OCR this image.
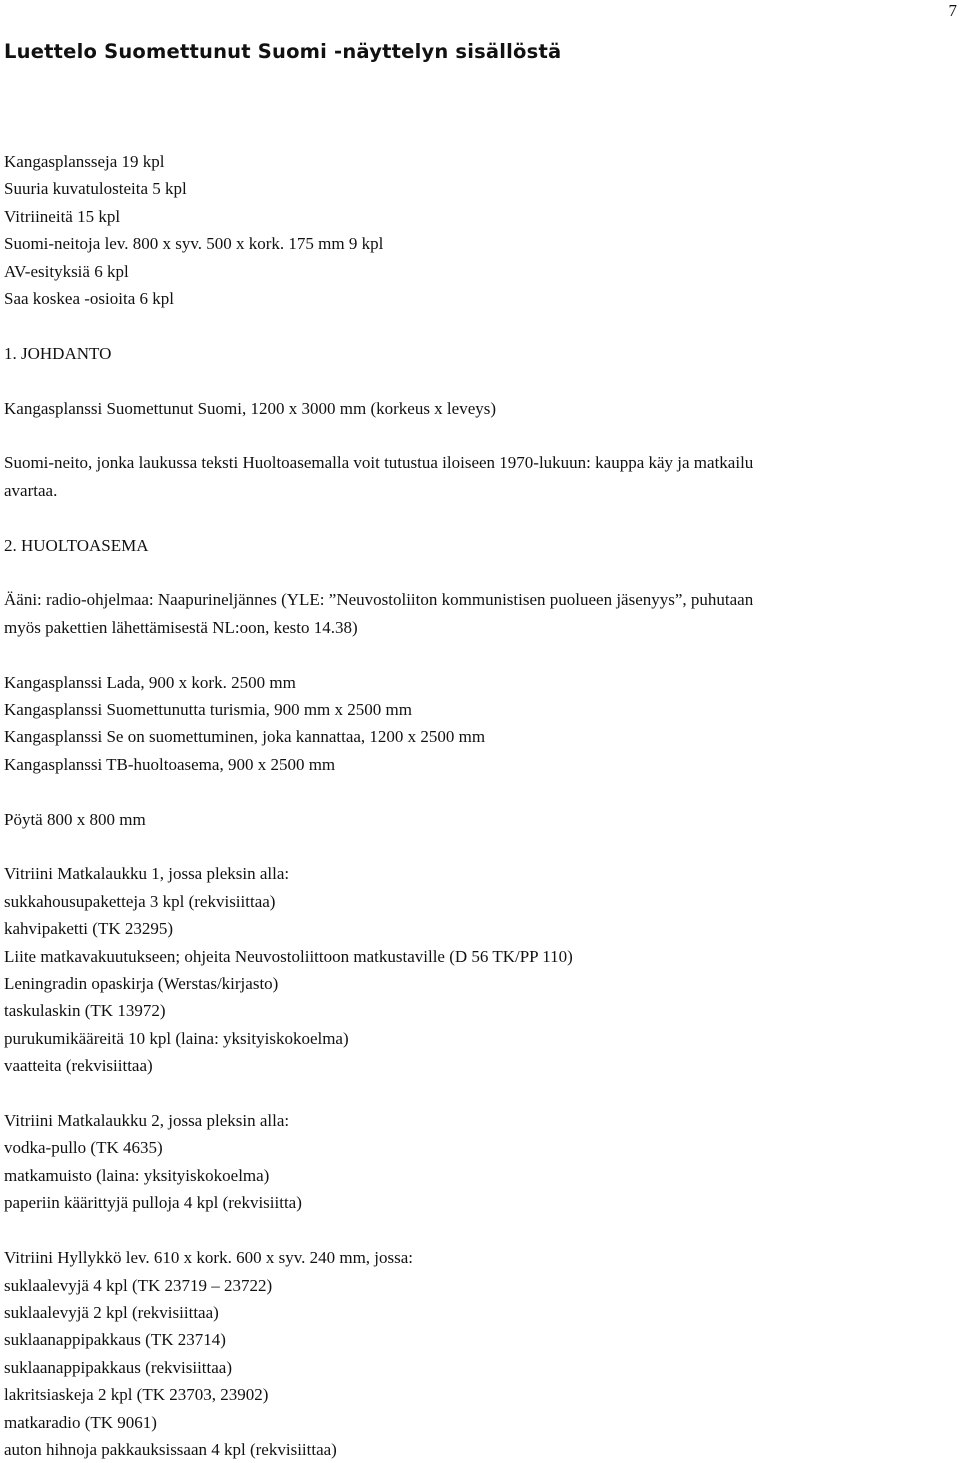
7
Luettelo Suomettunut Suomi -näyttelyn sisällöstä

Kangasplansseja 19 kpl

Suuria kuvatulosteita 5 kpl

Vitriineitä 15 kpl

Suomi-neitoja lev. 800 x syv. 500 x kork. 175 mm 9 kpl

AV-esityksiä 6 kpl

Saa koskea -osioita 6 kpl

1. JOHDANTO

Kangasplanssi Suomettunut Suomi, 1200 x 3000 mm (korkeus x leveys)

Suomi-neito, jonka laukussa teksti Huoltoasemalla voit tutustua iloiseen 1970-lukuun: kauppa käy ja matkailu
avartaa.

2. HUOLTOASEMA

Ääni: radio-ohjelmaa: Naapurineljännes (YLE: ”Neuvostoliiton kommunistisen puolueen jäsenyys”, puhutaan
myös pakettien lähettämisestä NL:oon, kesto 14.38)

Kangasplanssi Lada, 900 x kork. 2500 mm

Kangasplanssi Suomettunutta turismia, 900 mm x 2500 mm

Kangasplanssi Se on suomettuminen, joka kannattaa, 1200 x 2500 mm

Kangasplanssi TB-huoltoasema, 900 x 2500 mm

Pöytä 800 x 800 mm

Vitriini Matkalaukku 1, jossa pleksin alla:

sukkahousupaketteja 3 kpl (rekvisiittaa)

kahvipaketti (TK 23295)

Liite matkavakuutukseen; ohjeita Neuvostoliittoon matkustaville (D 56 TK/PP 110)

Leningradin opaskirja (Werstas/kirjasto)

taskulaskin (TK 13972)

purukumikääreitä 10 kpl (laina: yksityiskokoelma)

vaatteita (rekvisiittaa)

Vitriini Matkalaukku 2, jossa pleksin alla:

vodka-pullo (TK 4635)

matkamuisto (laina: yksityiskokoelma)

paperiin käärittyjä pulloja 4 kpl (rekvisiitta)

Vitriini Hyllykkö lev. 610 x kork. 600 x syv. 240 mm, jossa:

suklaalevyjä 4 kpl (TK 23719 – 23722)

suklaalevyjä 2 kpl (rekvisiittaa)

suklaanappipakkaus (TK 23714)

suklaanappipakkaus (rekvisiittaa)

lakritsiaskeja 2 kpl (TK 23703, 23902)

matkaradio (TK 9061)

auton hihnoja pakkauksissaan 4 kpl (rekvisiittaa)
